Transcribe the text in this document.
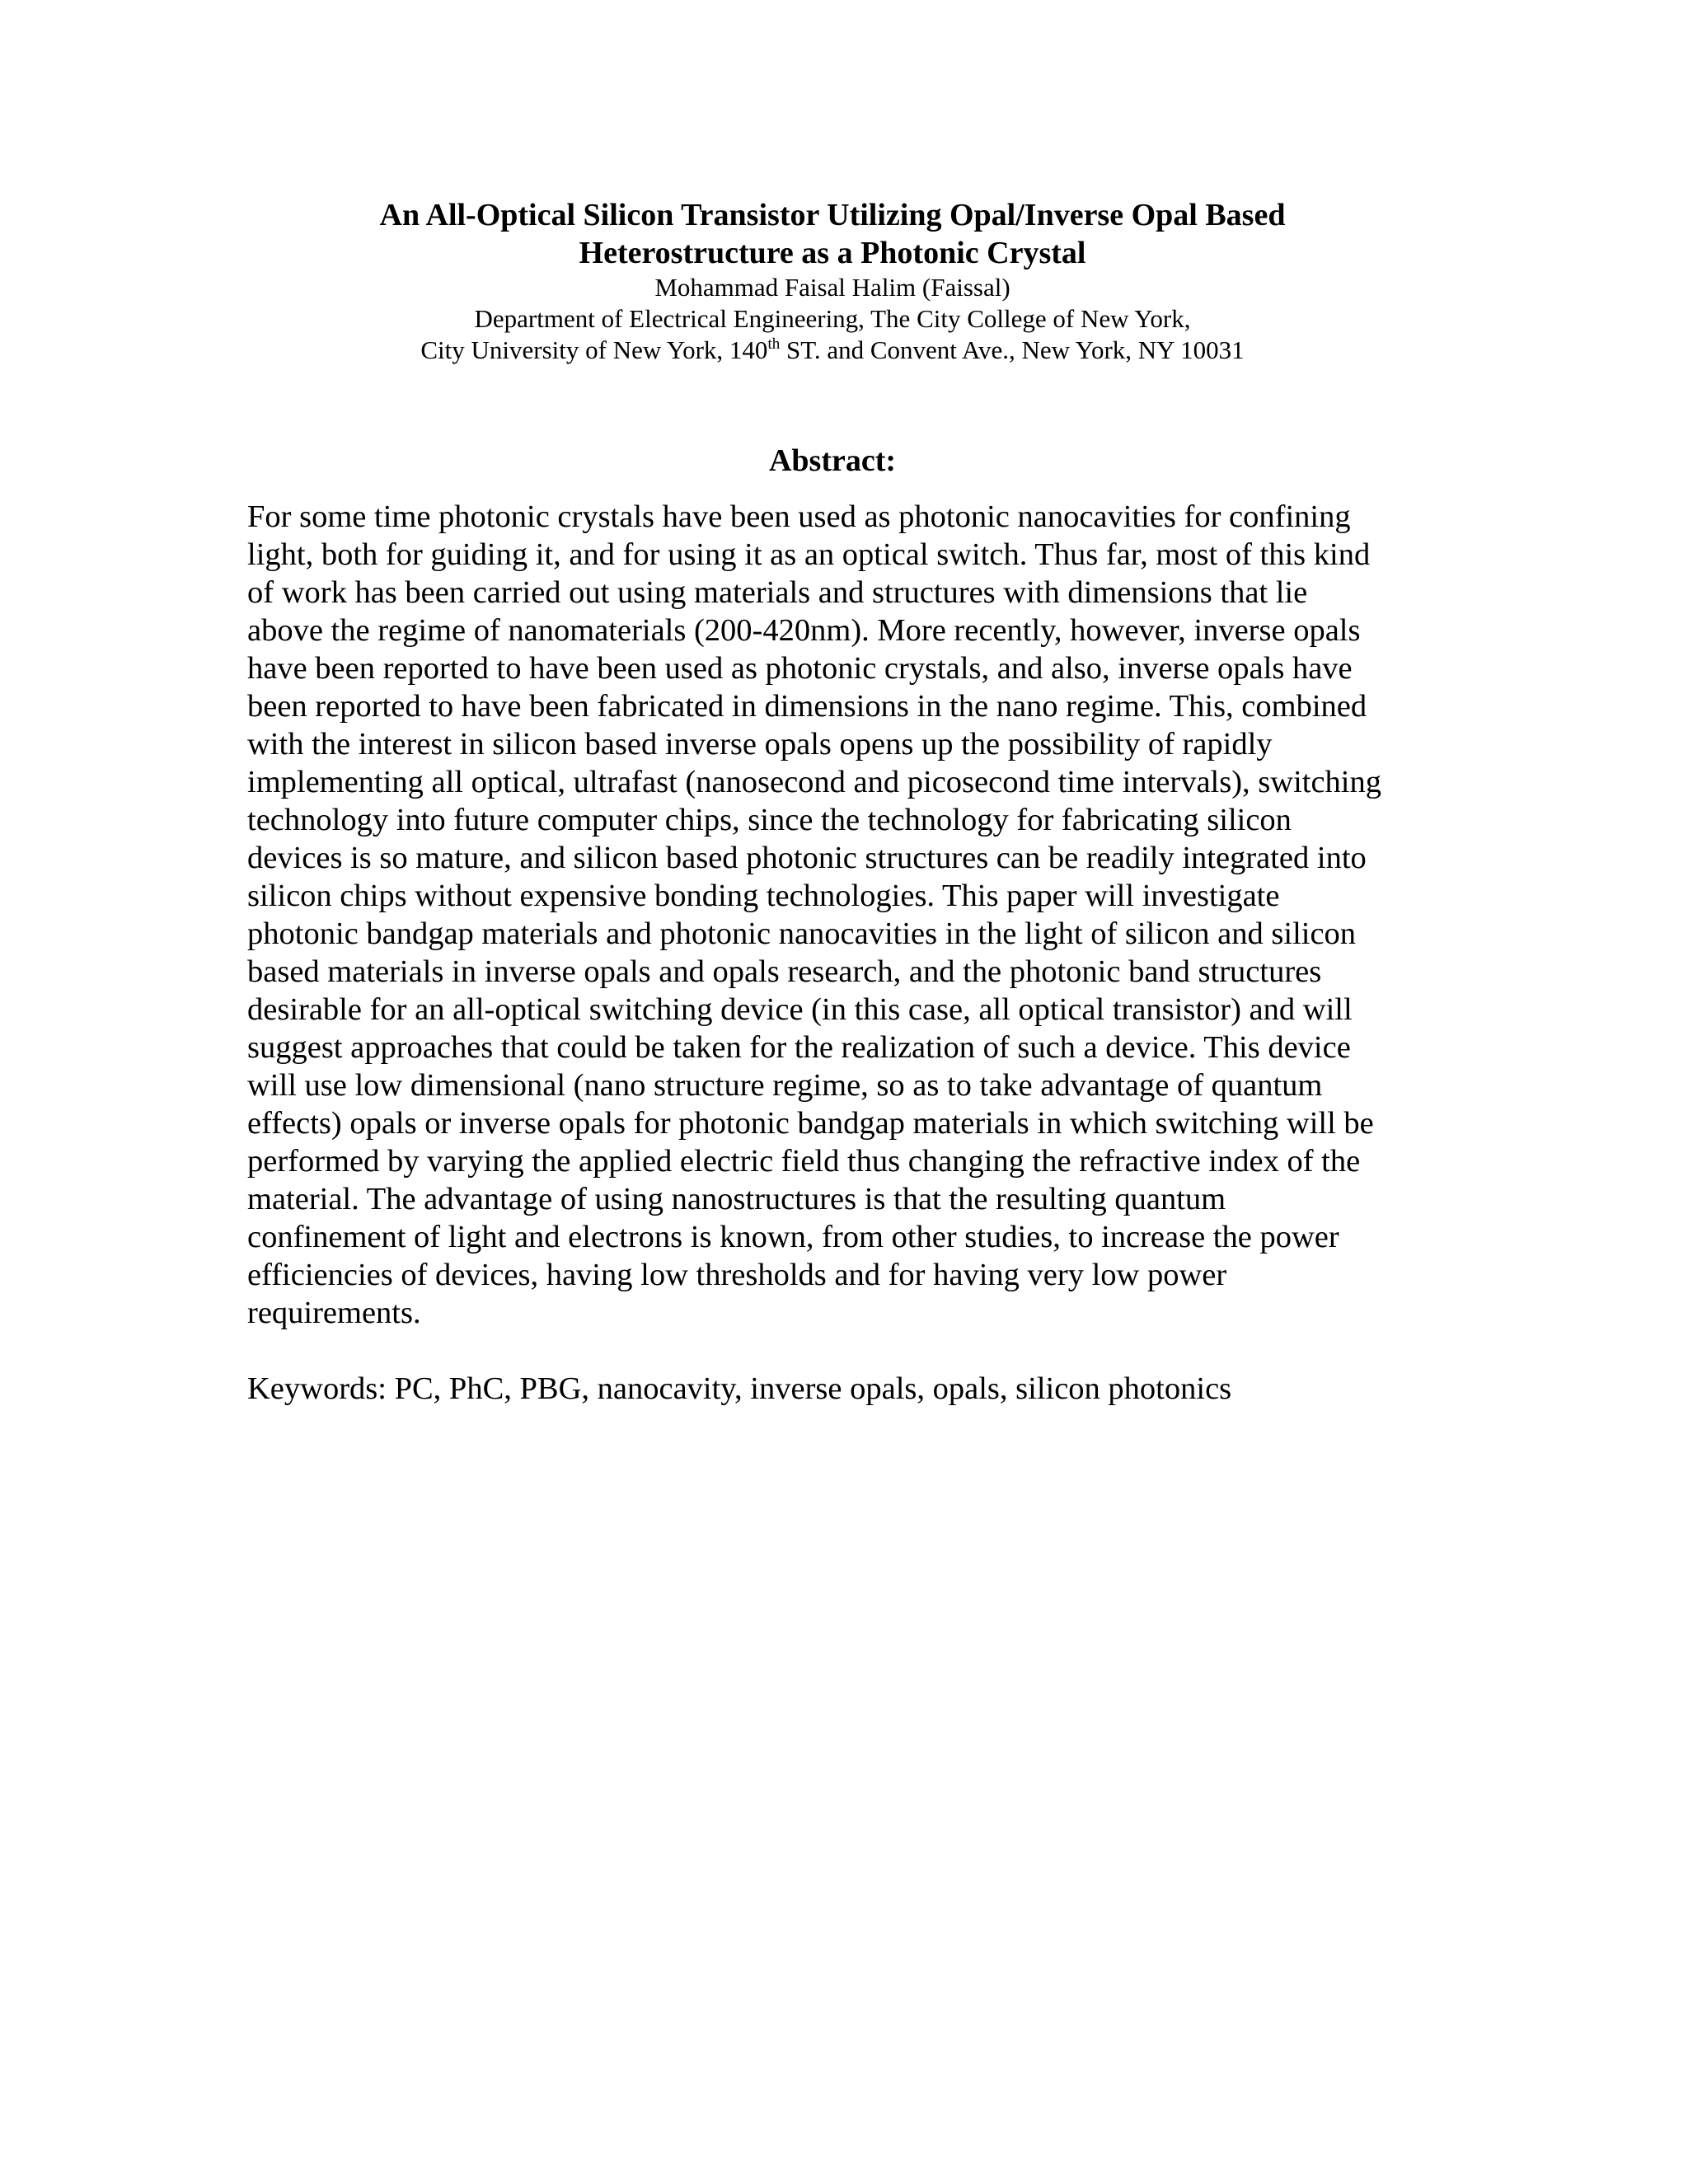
An All-Optical Silicon Transistor Utilizing Opal/Inverse Opal Based
Heterostructure as a Photonic Crystal
Mohammad Faisal Halim (Faissal)
Department of Electrical Engineering, The City College of New York,
City University of New York, 140th ST. and Convent Ave., New York, NY 10031
Abstract:

For some time photonic crystals have been used as photonic nanocavities for confining
light, both for guiding it, and for using it as an optical switch. Thus far, most of this kind
of work has been carried out using materials and structures with dimensions that lie
above the regime of nanomaterials (200-420nm). More recently, however, inverse opals
have been reported to have been used as photonic crystals, and also, inverse opals have
been reported to have been fabricated in dimensions in the nano regime. This, combined
with the interest in silicon based inverse opals opens up the possibility of rapidly
implementing all optical, ultrafast (nanosecond and picosecond time intervals), switching
technology into future computer chips, since the technology for fabricating silicon
devices is so mature, and silicon based photonic structures can be readily integrated into
silicon chips without expensive bonding technologies. This paper will investigate
photonic bandgap materials and photonic nanocavities in the light of silicon and silicon
based materials in inverse opals and opals research, and the photonic band structures
desirable for an all-optical switching device (in this case, all optical transistor) and will
suggest approaches that could be taken for the realization of such a device. This device
will use low dimensional (nano structure regime, so as to take advantage of quantum
effects) opals or inverse opals for photonic bandgap materials in which switching will be
performed by varying the applied electric field thus changing the refractive index of the
material. The advantage of using nanostructures is that the resulting quantum
confinement of light and electrons is known, from other studies, to increase the power
efficiencies of devices, having low thresholds and for having very low power
requirements.

Keywords: PC, PhC, PBG, nanocavity, inverse opals, opals, silicon photonics
